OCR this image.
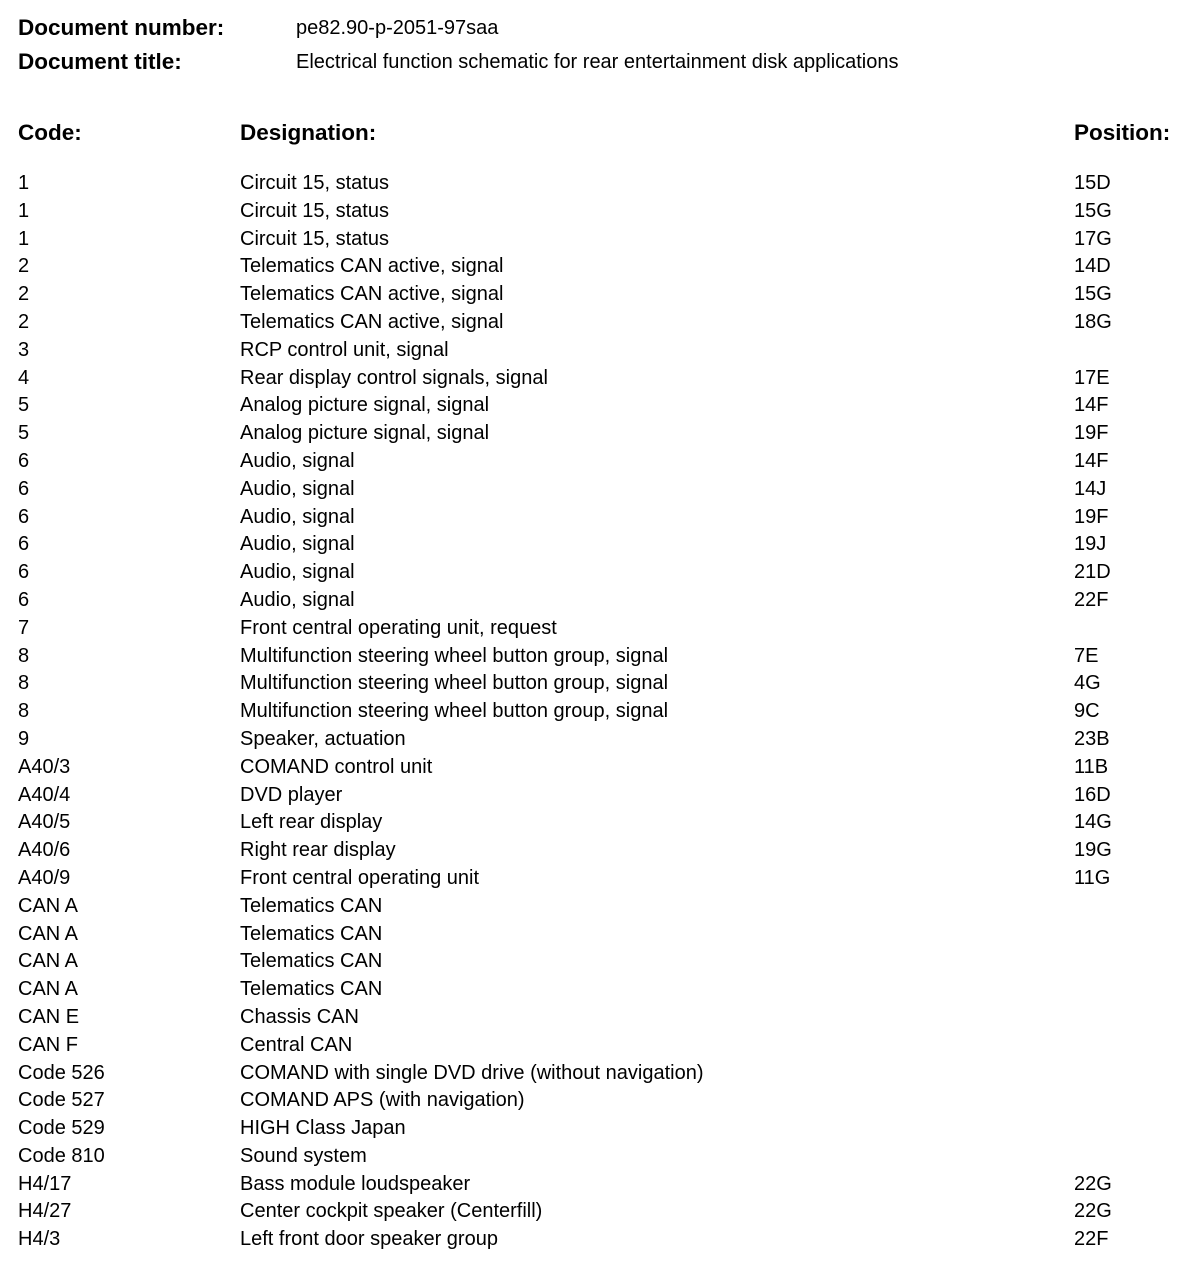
Document number:	pe82.90-p-2051-97saa
Document title:	Electrical function schematic for rear entertainment disk applications
Code:	Designation:	Position:
1	Circuit 15, status	15D
1	Circuit 15, status	15G
1	Circuit 15, status	17G
2	Telematics CAN active, signal	14D
2	Telematics CAN active, signal	15G
2	Telematics CAN active, signal	18G
3	RCP control unit, signal
4	Rear display control signals, signal	17E
5	Analog picture signal, signal	14F
5	Analog picture signal, signal	19F
6	Audio, signal	14F
6	Audio, signal	14J
6	Audio, signal	19F
6	Audio, signal	19J
6	Audio, signal	21D
6	Audio, signal	22F
7	Front central operating unit, request
8	Multifunction steering wheel button group, signal	7E
8	Multifunction steering wheel button group, signal	4G
8	Multifunction steering wheel button group, signal	9C
9	Speaker, actuation	23B
A40/3	COMAND control unit	11B
A40/4	DVD player	16D
A40/5	Left rear display	14G
A40/6	Right rear display	19G
A40/9	Front central operating unit	11G
CAN A	Telematics CAN
CAN A	Telematics CAN
CAN A	Telematics CAN
CAN A	Telematics CAN
CAN E	Chassis CAN
CAN F	Central CAN
Code 526	COMAND with single DVD drive (without navigation)
Code 527	COMAND APS (with navigation)
Code 529	HIGH Class Japan
Code 810	Sound system
H4/17	Bass module loudspeaker	22G
H4/27	Center cockpit speaker (Centerfill)	22G
H4/3	Left front door speaker group	22F
